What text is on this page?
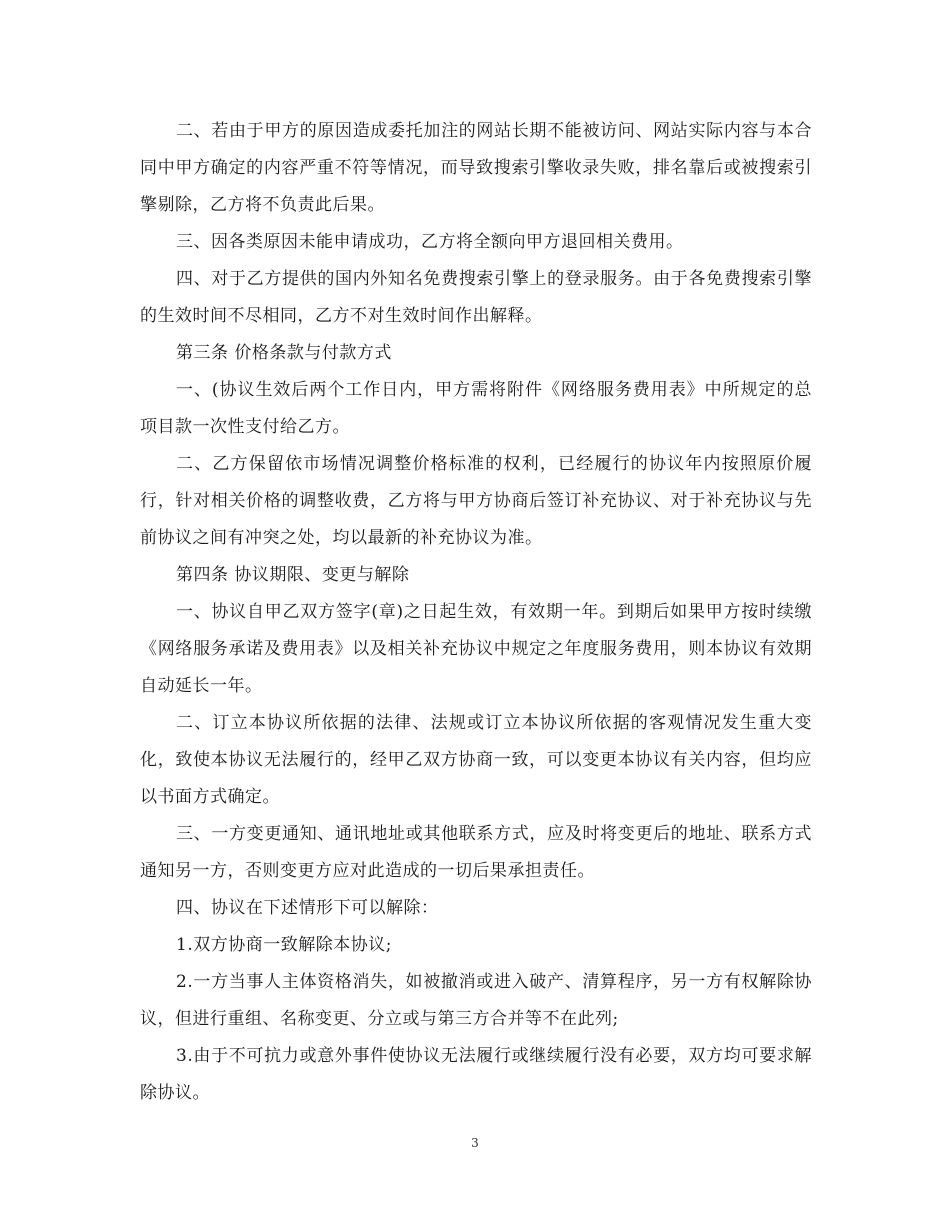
二、若由于甲方的原因造成委托加注的网站长期不能被访问、网站实际内容与本合同中甲方确定的内容严重不符等情况，而导致搜索引擎收录失败，排名靠后或被搜索引擎剔除，乙方将不负责此后果。

三、因各类原因未能申请成功，乙方将全额向甲方退回相关费用。

四、对于乙方提供的国内外知名免费搜索引擎上的登录服务。由于各免费搜索引擎的生效时间不尽相同，乙方不对生效时间作出解释。

第三条 价格条款与付款方式

一、(协议生效后两个工作日内，甲方需将附件《网络服务费用表》中所规定的总项目款一次性支付给乙方。

二、乙方保留依市场情况调整价格标准的权利，已经履行的协议年内按照原价履行，针对相关价格的调整收费，乙方将与甲方协商后签订补充协议、对于补充协议与先前协议之间有冲突之处，均以最新的补充协议为准。

第四条 协议期限、变更与解除

一、协议自甲乙双方签字(章)之日起生效，有效期一年。到期后如果甲方按时续缴《网络服务承诺及费用表》以及相关补充协议中规定之年度服务费用，则本协议有效期自动延长一年。

二、订立本协议所依据的法律、法规或订立本协议所依据的客观情况发生重大变化，致使本协议无法履行的，经甲乙双方协商一致，可以变更本协议有关内容，但均应以书面方式确定。

三、一方变更通知、通讯地址或其他联系方式，应及时将变更后的地址、联系方式通知另一方，否则变更方应对此造成的一切后果承担责任。

四、协议在下述情形下可以解除：

1.双方协商一致解除本协议;

2.一方当事人主体资格消失，如被撤消或进入破产、清算程序，另一方有权解除协议，但进行重组、名称变更、分立或与第三方合并等不在此列;

3.由于不可抗力或意外事件使协议无法履行或继续履行没有必要，双方均可要求解除协议。

3
